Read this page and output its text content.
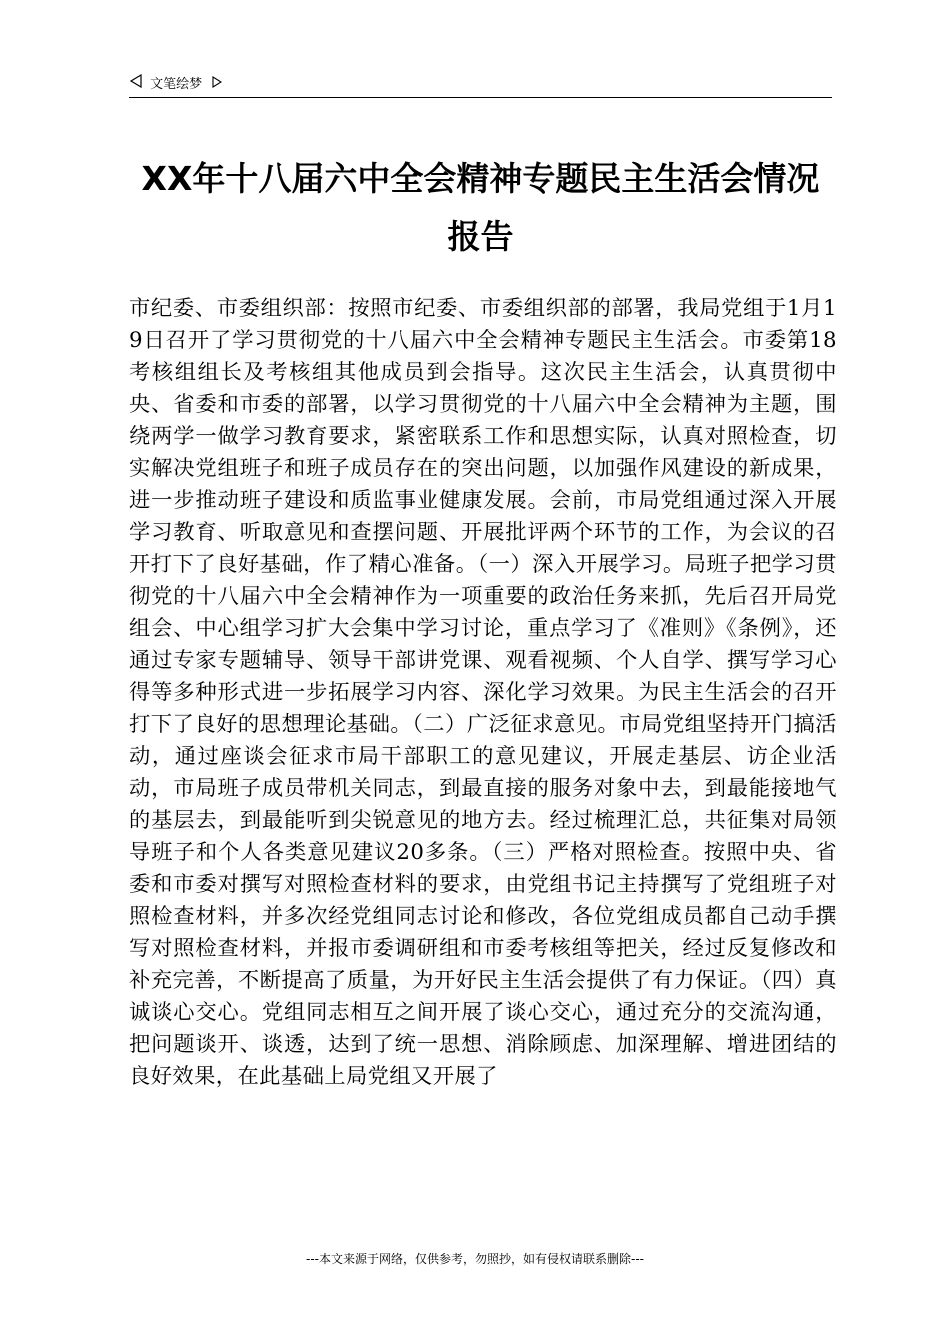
文笔绘梦
XX年十八届六中全会精神专题民主生活会情况报告

市纪委、市委组织部：按照市纪委、市委组织部的部署，我局党组于1月19日召开了学习贯彻党的十八届六中全会精神专题民主生活会。市委第18考核组组长及考核组其他成员到会指导。这次民主生活会，认真贯彻中央、省委和市委的部署，以学习贯彻党的十八届六中全会精神为主题，围绕两学一做学习教育要求，紧密联系工作和思想实际，认真对照检查，切实解决党组班子和班子成员存在的突出问题，以加强作风建设的新成果，进一步推动班子建设和质监事业健康发展。会前，市局党组通过深入开展学习教育、听取意见和查摆问题、开展批评两个环节的工作，为会议的召开打下了良好基础，作了精心准备。（一）深入开展学习。局班子把学习贯彻党的十八届六中全会精神作为一项重要的政治任务来抓，先后召开局党组会、中心组学习扩大会集中学习讨论，重点学习了《准则》《条例》，还通过专家专题辅导、领导干部讲党课、观看视频、个人自学、撰写学习心得等多种形式进一步拓展学习内容、深化学习效果。为民主生活会的召开打下了良好的思想理论基础。（二）广泛征求意见。市局党组坚持开门搞活动，通过座谈会征求市局干部职工的意见建议，开展走基层、访企业活动，市局班子成员带机关同志，到最直接的服务对象中去，到最能接地气的基层去，到最能听到尖锐意见的地方去。经过梳理汇总，共征集对局领导班子和个人各类意见建议20多条。（三）严格对照检查。按照中央、省委和市委对撰写对照检查材料的要求，由党组书记主持撰写了党组班子对照检查材料，并多次经党组同志讨论和修改，各位党组成员都自己动手撰写对照检查材料，并报市委调研组和市委考核组等把关，经过反复修改和补充完善，不断提高了质量，为开好民主生活会提供了有力保证。（四）真诚谈心交心。党组同志相互之间开展了谈心交心，通过充分的交流沟通，把问题谈开、谈透，达到了统一思想、消除顾虑、加深理解、增进团结的良好效果，在此基础上局党组又开展了

---本文来源于网络，仅供参考，勿照抄，如有侵权请联系删除---
